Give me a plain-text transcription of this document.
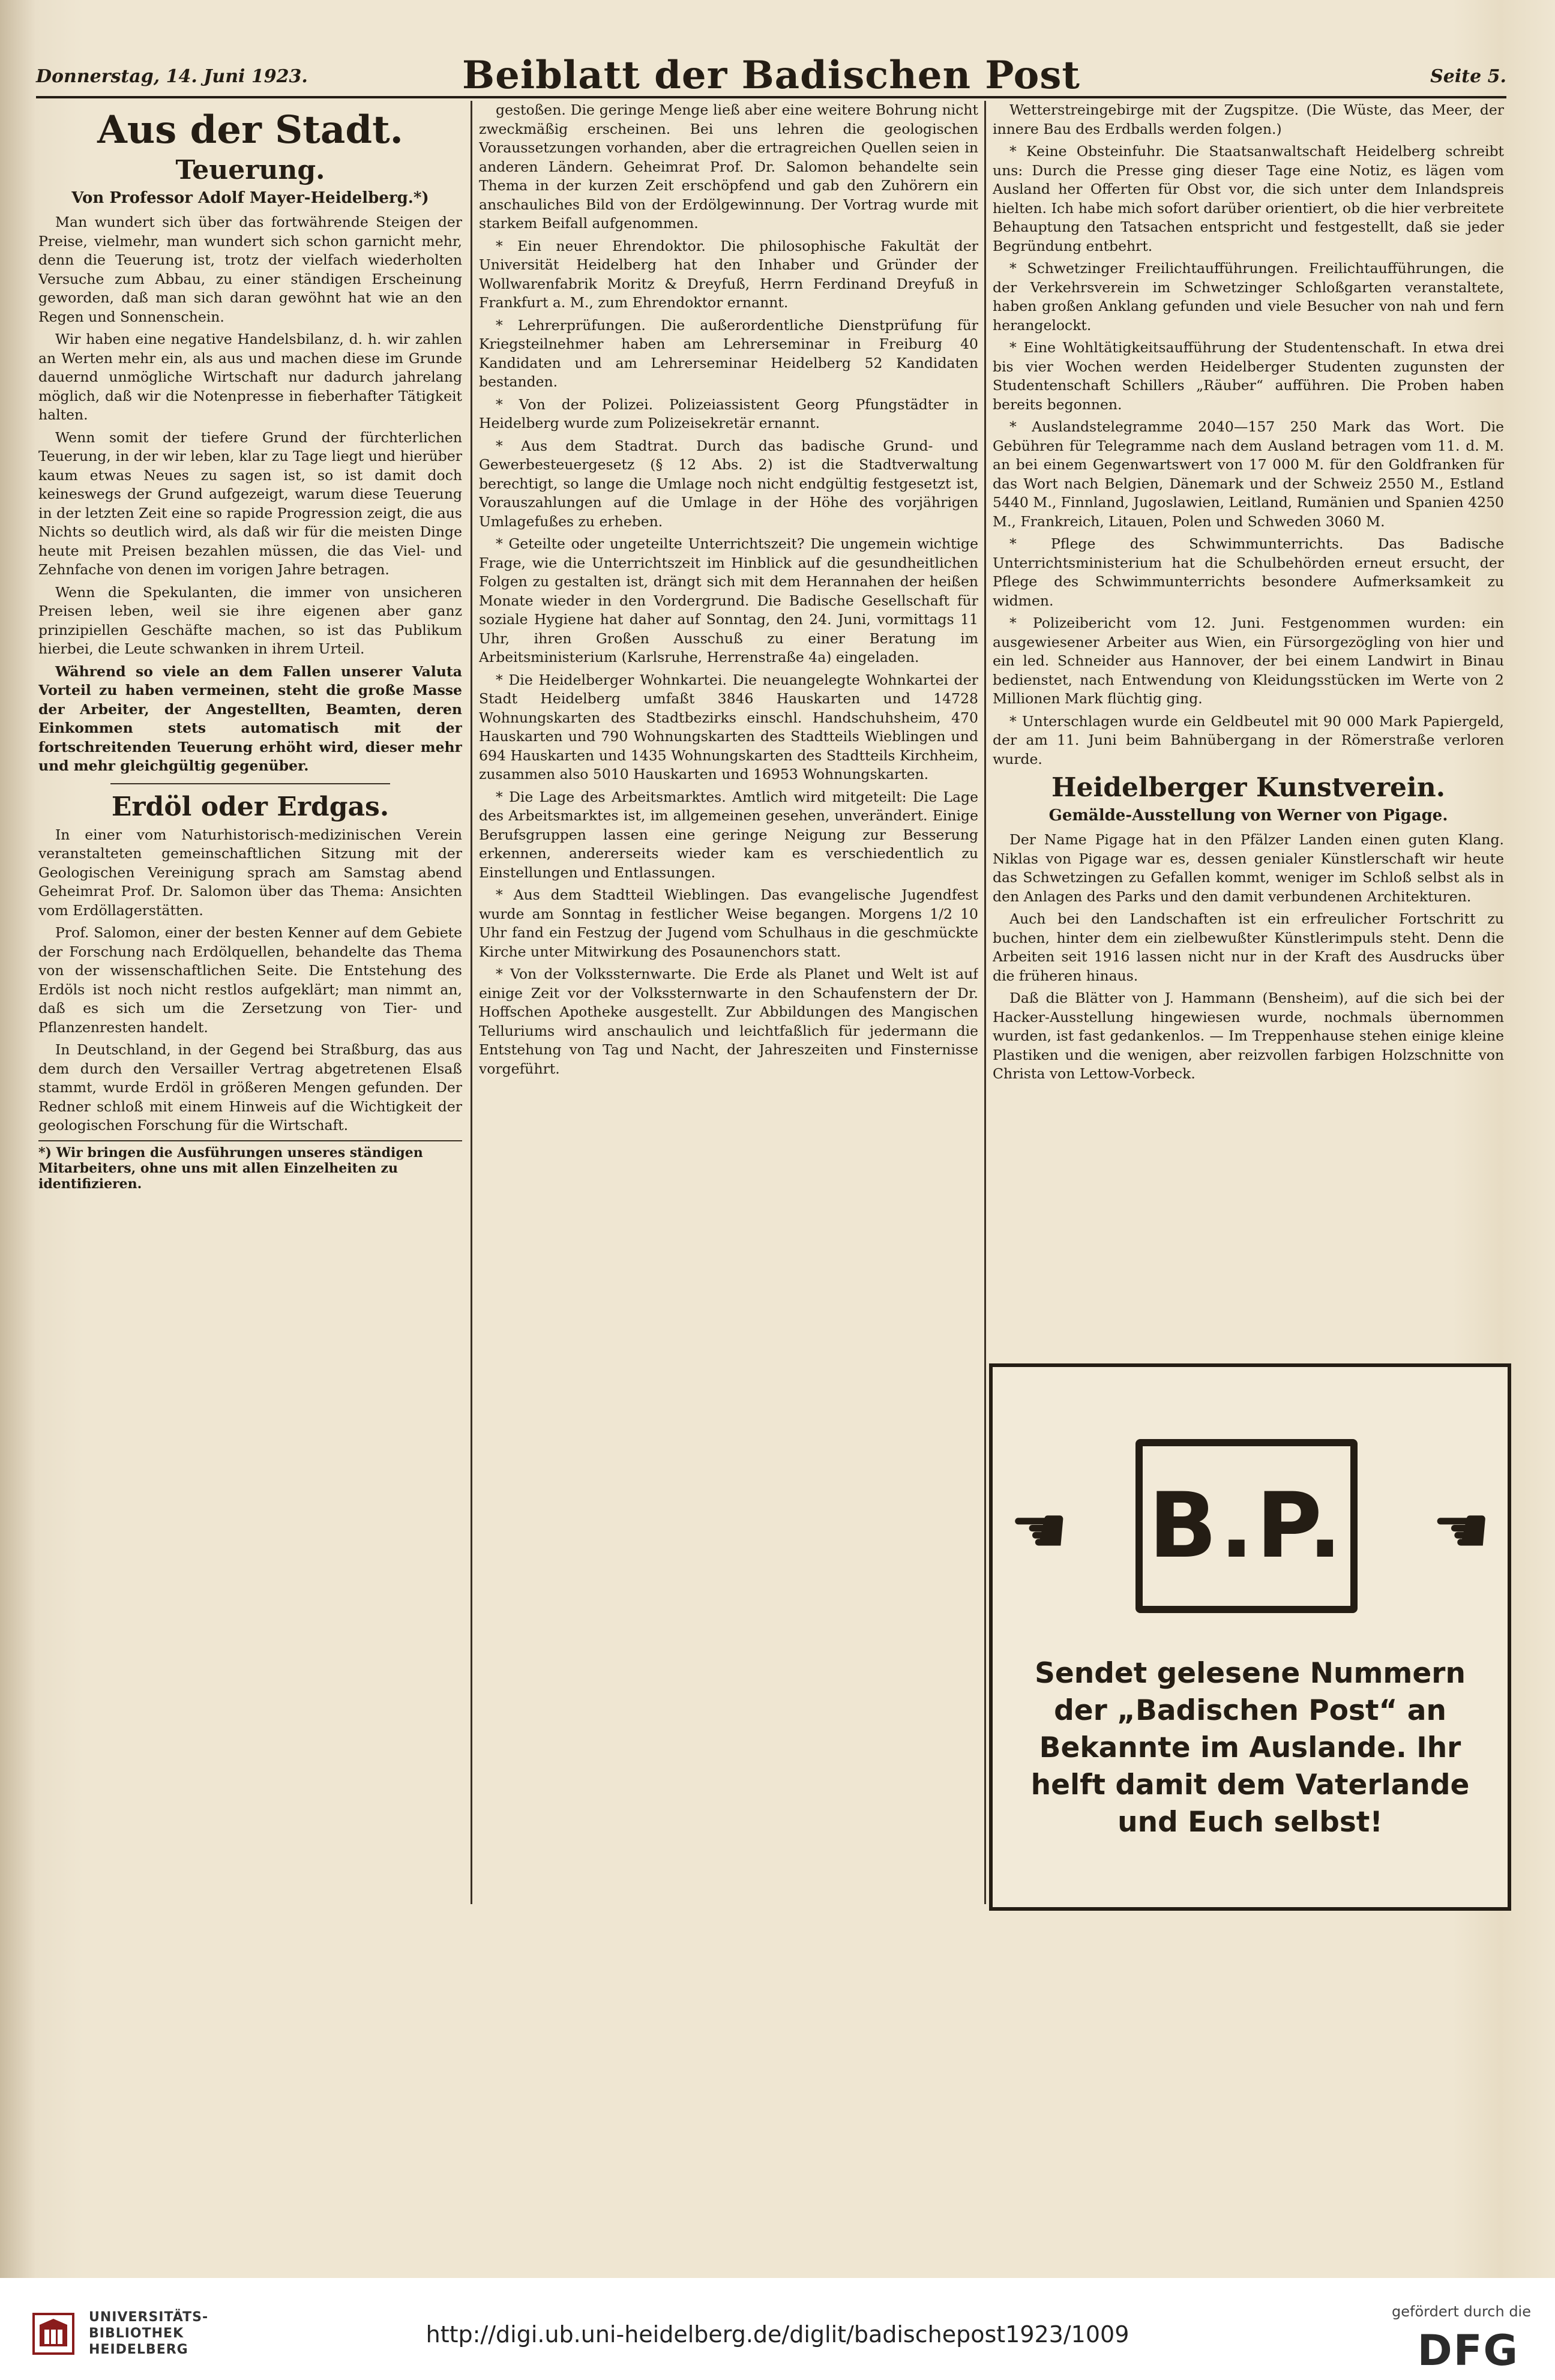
Donnerstag, 14. Juni 1923.	Beiblatt der Badischen Post	Seite 5.
Aus der Stadt.
Teuerung.
Von Professor Adolf Mayer-Heidelberg.*)

Man wundert sich über das fortwährende Steigen der Preise, vielmehr, man wundert sich schon garnicht mehr, denn die Teuerung ist, trotz der vielfach wiederholten Versuche zum Abbau, zu einer ständigen Erscheinung geworden, daß man sich daran gewöhnt hat wie an den Regen und Sonnenschein.

Wir haben eine negative Handelsbilanz, d. h. wir zahlen an Werten mehr ein, als aus und machen diese im Grunde dauernd unmögliche Wirtschaft nur dadurch jahrelang möglich, daß wir die Notenpresse in fieberhafter Tätigkeit halten.

Wenn somit der tiefere Grund der fürchterlichen Teuerung, in der wir leben, klar zu Tage liegt und hierüber kaum etwas Neues zu sagen ist, so ist damit doch keineswegs der Grund aufgezeigt, warum diese Teuerung in der letzten Zeit eine so rapide Progression zeigt, die aus Nichts so deutlich wird, als daß wir für die meisten Dinge heute mit Preisen bezahlen müssen, die das Viel- und Zehnfache von denen im vorigen Jahre betragen.

Wenn die Spekulanten, die immer von unsicheren Preisen leben, weil sie ihre eigenen aber ganz prinzipiellen Geschäfte machen, so ist das Publikum hierbei, die Leute schwanken in ihrem Urteil.

Während so viele an dem Fallen unserer Valuta Vorteil zu haben vermeinen, steht die große Masse der Arbeiter, der Angestellten, Beamten, deren Einkommen stets automatisch mit der fortschreitenden Teuerung erhöht wird, dieser mehr und mehr gleichgültig gegenüber.

Erdöl oder Erdgas.

In einer vom Naturhistorisch-medizinischen Verein veranstalteten gemeinschaftlichen Sitzung mit der Geologischen Vereinigung sprach am Samstag abend Geheimrat Prof. Dr. Salomon über das Thema: Ansichten vom Erdöllagerstätten.

Prof. Salomon, einer der besten Kenner auf dem Gebiete der Forschung nach Erdölquellen, behandelte das Thema von der wissenschaftlichen Seite. Die Entstehung des Erdöls ist noch nicht restlos aufgeklärt; man nimmt an, daß es sich um die Zersetzung von Tier- und Pflanzenresten handelt.

In Deutschland, in der Gegend bei Straßburg, das aus dem durch den Versailler Vertrag abgetretenen Elsaß stammt, wurde Erdöl in größeren Mengen gefunden. Der Redner schloß mit einem Hinweis auf die Wichtigkeit der geologischen Forschung für die Wirtschaft.

*) Wir bringen die Ausführungen unseres ständigen Mitarbeiters, ohne uns mit allen Einzelheiten zu identifizieren.

gestoßen. Die geringe Menge ließ aber eine weitere Bohrung nicht zweckmäßig erscheinen. Bei uns lehren die geologischen Voraussetzungen vorhanden, aber die ertragreichen Quellen seien in anderen Ländern. Geheimrat Prof. Dr. Salomon behandelte sein Thema in der kurzen Zeit erschöpfend und gab den Zuhörern ein anschauliches Bild von der Erdölgewinnung. Der Vortrag wurde mit starkem Beifall aufgenommen.

* Ein neuer Ehrendoktor. Die philosophische Fakultät der Universität Heidelberg hat den Inhaber und Gründer der Wollwarenfabrik Moritz & Dreyfuß, Herrn Ferdinand Dreyfuß in Frankfurt a. M., zum Ehrendoktor ernannt.

* Lehrerprüfungen. Die außerordentliche Dienstprüfung für Kriegsteilnehmer haben am Lehrerseminar in Freiburg 40 Kandidaten und am Lehrerseminar Heidelberg 52 Kandidaten bestanden.

* Von der Polizei. Polizeiassistent Georg Pfungstädter in Heidelberg wurde zum Polizeisekretär ernannt.

* Aus dem Stadtrat. Durch das badische Grund- und Gewerbesteuergesetz (§ 12 Abs. 2) ist die Stadtverwaltung berechtigt, so lange die Umlage noch nicht endgültig festgesetzt ist, Vorauszahlungen auf die Umlage in der Höhe des vorjährigen Umlagefußes zu erheben.

* Geteilte oder ungeteilte Unterrichtszeit? Die ungemein wichtige Frage, wie die Unterrichtszeit im Hinblick auf die gesundheitlichen Folgen zu gestalten ist, drängt sich mit dem Herannahen der heißen Monate wieder in den Vordergrund. Die Badische Gesellschaft für soziale Hygiene hat daher auf Sonntag, den 24. Juni, vormittags 11 Uhr, ihren Großen Ausschuß zu einer Beratung im Arbeitsministerium (Karlsruhe, Herrenstraße 4a) eingeladen.

* Die Heidelberger Wohnkartei. Die neuangelegte Wohnkartei der Stadt Heidelberg umfaßt 3846 Hauskarten und 14728 Wohnungskarten des Stadtbezirks einschl. Handschuhsheim, 470 Hauskarten und 790 Wohnungskarten des Stadtteils Wieblingen und 694 Hauskarten und 1435 Wohnungskarten des Stadtteils Kirchheim, zusammen also 5010 Hauskarten und 16953 Wohnungskarten.

* Die Lage des Arbeitsmarktes. Amtlich wird mitgeteilt: Die Lage des Arbeitsmarktes ist, im allgemeinen gesehen, unverändert. Einige Berufsgruppen lassen eine geringe Neigung zur Besserung erkennen, andererseits wieder kam es verschiedentlich zu Einstellungen und Entlassungen.

* Aus dem Stadtteil Wieblingen. Das evangelische Jugendfest wurde am Sonntag in festlicher Weise begangen. Morgens 1/2 10 Uhr fand ein Festzug der Jugend vom Schulhaus in die geschmückte Kirche unter Mitwirkung des Posaunenchors statt.

* Von der Volkssternwarte. Die Erde als Planet und Welt ist auf einige Zeit vor der Volkssternwarte in den Schaufenstern der Dr. Hoffschen Apotheke ausgestellt. Zur Abbildungen des Mangischen Telluriums wird anschaulich und leichtfaßlich für jedermann die Entstehung von Tag und Nacht, der Jahreszeiten und Finsternisse vorgeführt.

Wetterstreingebirge mit der Zugspitze. (Die Wüste, das Meer, der innere Bau des Erdballs werden folgen.)

* Keine Obsteinfuhr. Die Staatsanwaltschaft Heidelberg schreibt uns: Durch die Presse ging dieser Tage eine Notiz, es lägen vom Ausland her Offerten für Obst vor, die sich unter dem Inlandspreis hielten. Ich habe mich sofort darüber orientiert, ob die hier verbreitete Behauptung den Tatsachen entspricht und festgestellt, daß sie jeder Begründung entbehrt.

* Schwetzinger Freilichtaufführungen. Freilichtaufführungen, die der Verkehrsverein im Schwetzinger Schloßgarten veranstaltete, haben großen Anklang gefunden und viele Besucher von nah und fern herangelockt.

* Eine Wohltätigkeitsaufführung der Studentenschaft. In etwa drei bis vier Wochen werden Heidelberger Studenten zugunsten der Studentenschaft Schillers „Räuber“ aufführen. Die Proben haben bereits begonnen.

* Auslandstelegramme 2040—157 250 Mark das Wort. Die Gebühren für Telegramme nach dem Ausland betragen vom 11. d. M. an bei einem Gegenwartswert von 17 000 M. für den Goldfranken für das Wort nach Belgien, Dänemark und der Schweiz 2550 M., Estland 5440 M., Finnland, Jugoslawien, Leitland, Rumänien und Spanien 4250 M., Frankreich, Litauen, Polen und Schweden 3060 M.

* Pflege des Schwimmunterrichts. Das Badische Unterrichtsministerium hat die Schulbehörden erneut ersucht, der Pflege des Schwimmunterrichts besondere Aufmerksamkeit zu widmen.

* Polizeibericht vom 12. Juni. Festgenommen wurden: ein ausgewiesener Arbeiter aus Wien, ein Fürsorgezögling von hier und ein led. Schneider aus Hannover, der bei einem Landwirt in Binau bedienstet, nach Entwendung von Kleidungsstücken im Werte von 2 Millionen Mark flüchtig ging.

* Unterschlagen wurde ein Geldbeutel mit 90 000 Mark Papiergeld, der am 11. Juni beim Bahnübergang in der Römerstraße verloren wurde.

Heidelberger Kunstverein.
Gemälde-Ausstellung von Werner von Pigage.

Der Name Pigage hat in den Pfälzer Landen einen guten Klang. Niklas von Pigage war es, dessen genialer Künstlerschaft wir heute das Schwetzingen zu Gefallen kommt, weniger im Schloß selbst als in den Anlagen des Parks und den damit verbundenen Architekturen.

Auch bei den Landschaften ist ein erfreulicher Fortschritt zu buchen, hinter dem ein zielbewußter Künstlerimpuls steht. Denn die Arbeiten seit 1916 lassen nicht nur in der Kraft des Ausdrucks über die früheren hinaus.

Daß die Blätter von J. Hammann (Bensheim), auf die sich bei der Hacker-Ausstellung hingewiesen wurde, nochmals übernommen wurden, ist fast gedankenlos. — Im Treppenhause stehen einige kleine Plastiken und die wenigen, aber reizvollen farbigen Holzschnitte von Christa von Lettow-Vorbeck.

☛ B.P. ☚
Sendet gelesene Nummern der „Badischen Post“ an Bekannte im Auslande. Ihr helft damit dem Vaterlande und Euch selbst!
UNIVERSITÄTS-
BIBLIOTHEK
HEIDELBERG
http://digi.ub.uni-heidelberg.de/diglit/badischepost1923/1009
gefördert durch die
DFG
